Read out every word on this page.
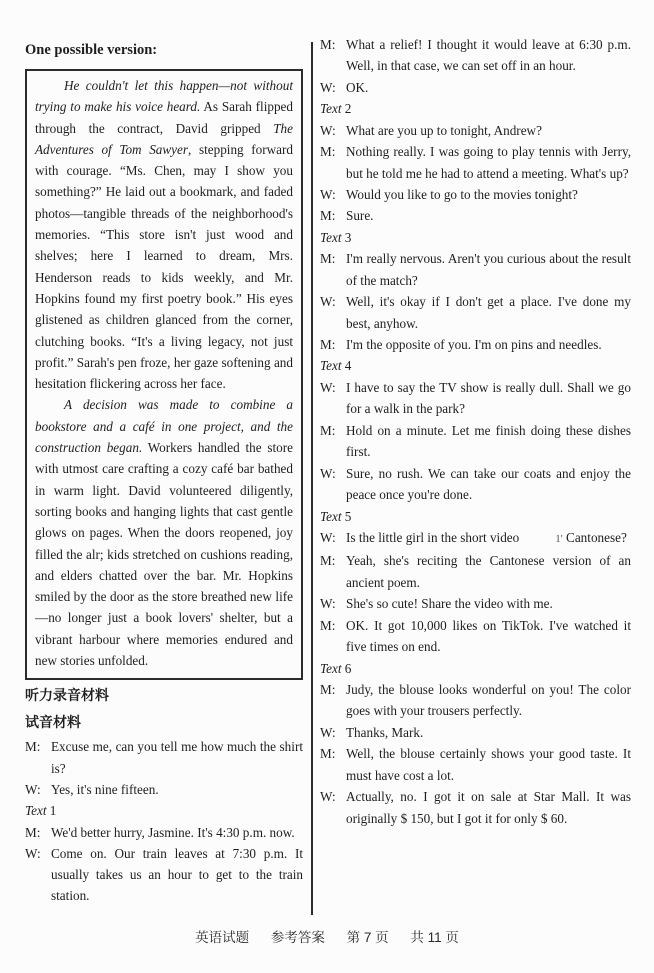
One possible version:

He couldn't let this happen—not without trying to make his voice heard. As Sarah flipped through the contract, David gripped The Adventures of Tom Sawyer, stepping forward with courage. “Ms. Chen, may I show you something?” He laid out a bookmark, and faded photos—tangible threads of the neighborhood's memories. “This store isn't just wood and shelves; here I learned to dream, Mrs. Henderson reads to kids weekly, and Mr. Hopkins found my first poetry book.” His eyes glistened as children glanced from the corner, clutching books. “It's a living legacy, not just profit.” Sarah's pen froze, her gaze softening and hesitation flickering across her face.

A decision was made to combine a bookstore and a café in one project, and the construction began. Workers handled the store with utmost care crafting a cozy café bar bathed in warm light. David volunteered diligently, sorting books and hanging lights that cast gentle glows on pages. When the doors reopened, joy filled the alr; kids stretched on cushions reading, and elders chatted over the bar. Mr. Hopkins smiled by the door as the store breathed new life—no longer just a book lovers' shelter, but a vibrant harbour where memories endured and new stories unfolded.

听力录音材料
试音材料
M: Excuse me, can you tell me how much the shirt is?
W: Yes, it's nine fifteen.
Text 1
M: We'd better hurry, Jasmine. It's 4:30 p.m. now.
W: Come on. Our train leaves at 7:30 p.m. It usually takes us an hour to get to the train station.
M: What a relief! I thought it would leave at 6:30 p.m. Well, in that case, we can set off in an hour.
W: OK.
Text 2
W: What are you up to tonight, Andrew?
M: Nothing really. I was going to play tennis with Jerry, but he told me he had to attend a meeting. What's up?
W: Would you like to go to the movies tonight?
M: Sure.
Text 3
M: I'm really nervous. Aren't you curious about the result of the match?
W: Well, it's okay if I don't get a place. I've done my best, anyhow.
M: I'm the opposite of you. I'm on pins and needles.
Text 4
W: I have to say the TV show is really dull. Shall we go for a walk in the park?
M: Hold on a minute. Let me finish doing these dishes first.
W: Sure, no rush. We can take our coats and enjoy the peace once you're done.
Text 5
W: Is the little girl in the short video	1' Cantonese?
M: Yeah, she's reciting the Cantonese version of an ancient poem.
W: She's so cute! Share the video with me.
M: OK. It got 10,000 likes on TikTok. I've watched it five times on end.
Text 6
M: Judy, the blouse looks wonderful on you! The color goes with your trousers perfectly.
W: Thanks, Mark.
M: Well, the blouse certainly shows your good taste. It must have cost a lot.
W: Actually, no. I got it on sale at Star Mall. It was originally $ 150, but I got it for only $ 60.
英语试题 参考答案 第 7 页 共 11 页
